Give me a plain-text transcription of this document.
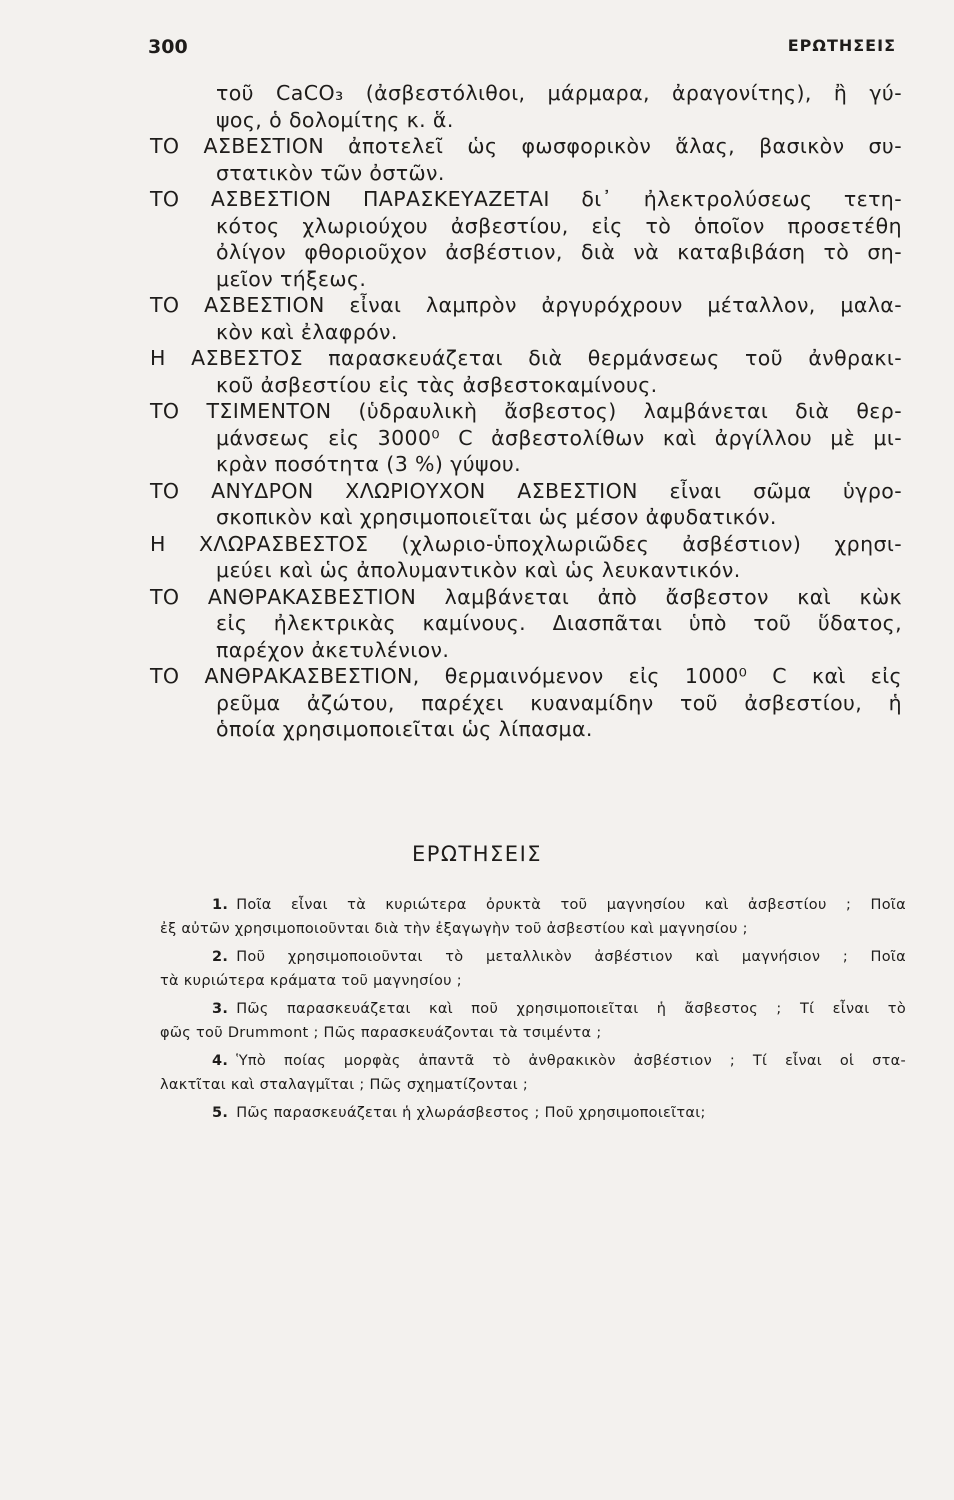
300	ΕΡΩΤΗΣΕΙΣ

τοῦ CaCO₃ (ἀσβεστόλιθοι, μάρμαρα, ἀραγονίτης), ἢ γύ-
ψος, ὁ δολομίτης κ. ἅ.

ΤΟ ΑΣΒΕΣΤΙΟΝ ἀποτελεῖ ὡς φωσφορικὸν ἅλας, βασικὸν συ-
στατικὸν τῶν ὀστῶν.

ΤΟ ΑΣΒΕΣΤΙΟΝ ΠΑΡΑΣΚΕΥΑΖΕΤΑΙ δι᾽ ἠλεκτρολύσεως τετη-
κότος χλωριούχου ἀσβεστίου, εἰς τὸ ὁποῖον προσετέθη
ὀλίγον φθοριοῦχον ἀσβέστιον, διὰ νὰ καταβιβάση τὸ ση-
μεῖον τήξεως.

ΤΟ ΑΣΒΕΣΤΙΟΝ εἶναι λαμπρὸν ἀργυρόχρουν μέταλλον, μαλα-
κὸν καὶ ἐλαφρόν.

Η ΑΣΒΕΣΤΟΣ παρασκευάζεται διὰ θερμάνσεως τοῦ ἀνθρακι-
κοῦ ἀσβεστίου εἰς τὰς ἀσβεστοκαμίνους.

ΤΟ ΤΣΙΜΕΝΤΟΝ (ὑδραυλικὴ ἄσβεστος) λαμβάνεται διὰ θερ-
μάνσεως εἰς 3000⁰ C ἀσβεστολίθων καὶ ἀργίλλου μὲ μι-
κρὰν ποσότητα (3 %) γύψου.

ΤΟ ΑΝΥΔΡΟΝ ΧΛΩΡΙΟΥΧΟΝ ΑΣΒΕΣΤΙΟΝ εἶναι σῶμα ὑγρο-
σκοπικὸν καὶ χρησιμοποιεῖται ὡς μέσον ἀφυδατικόν.

Η ΧΛΩΡΑΣΒΕΣΤΟΣ (χλωριο-ὑποχλωριῶδες ἀσβέστιον) χρησι-
μεύει καὶ ὡς ἀπολυμαντικὸν καὶ ὡς λευκαντικόν.

ΤΟ ΑΝΘΡΑΚΑΣΒΕΣΤΙΟΝ λαμβάνεται ἀπὸ ἄσβεστον καὶ κὼκ
εἰς ἠλεκτρικὰς καμίνους. Διασπᾶται ὑπὸ τοῦ ὕδατος,
παρέχον ἀκετυλένιον.

ΤΟ ΑΝΘΡΑΚΑΣΒΕΣΤΙΟΝ, θερμαινόμενον εἰς 1000⁰ C καὶ εἰς
ρεῦμα ἀζώτου, παρέχει κυαναμίδην τοῦ ἀσβεστίου, ἡ
ὁποία χρησιμοποιεῖται ὡς λίπασμα.

ΕΡΩΤΗΣΕΙΣ
1. Ποῖα εἶναι τὰ κυριώτερα ὀρυκτὰ τοῦ μαγνησίου καὶ ἀσβεστίου ; Ποῖα
ἐξ αὐτῶν χρησιμοποιοῦνται διὰ τὴν ἐξαγωγὴν τοῦ ἀσβεστίου καὶ μαγνησίου ;
2. Ποῦ χρησιμοποιοῦνται τὸ μεταλλικὸν ἀσβέστιον καὶ μαγνήσιον ; Ποῖα
τὰ κυριώτερα κράματα τοῦ μαγνησίου ;
3. Πῶς παρασκευάζεται καὶ ποῦ χρησιμοποιεῖται ἡ ἄσβεστος ; Τί εἶναι τὸ
φῶς τοῦ Drummont ; Πῶς παρασκευάζονται τὰ τσιμέντα ;
4. Ὑπὸ ποίας μορφὰς ἀπαντᾶ τὸ ἀνθρακικὸν ἀσβέστιον ; Τί εἶναι οἱ στα-
λακτῖται καὶ σταλαγμῖται ; Πῶς σχηματίζονται ;
5. Πῶς παρασκευάζεται ἡ χλωράσβεστος ; Ποῦ χρησιμοποιεῖται;
